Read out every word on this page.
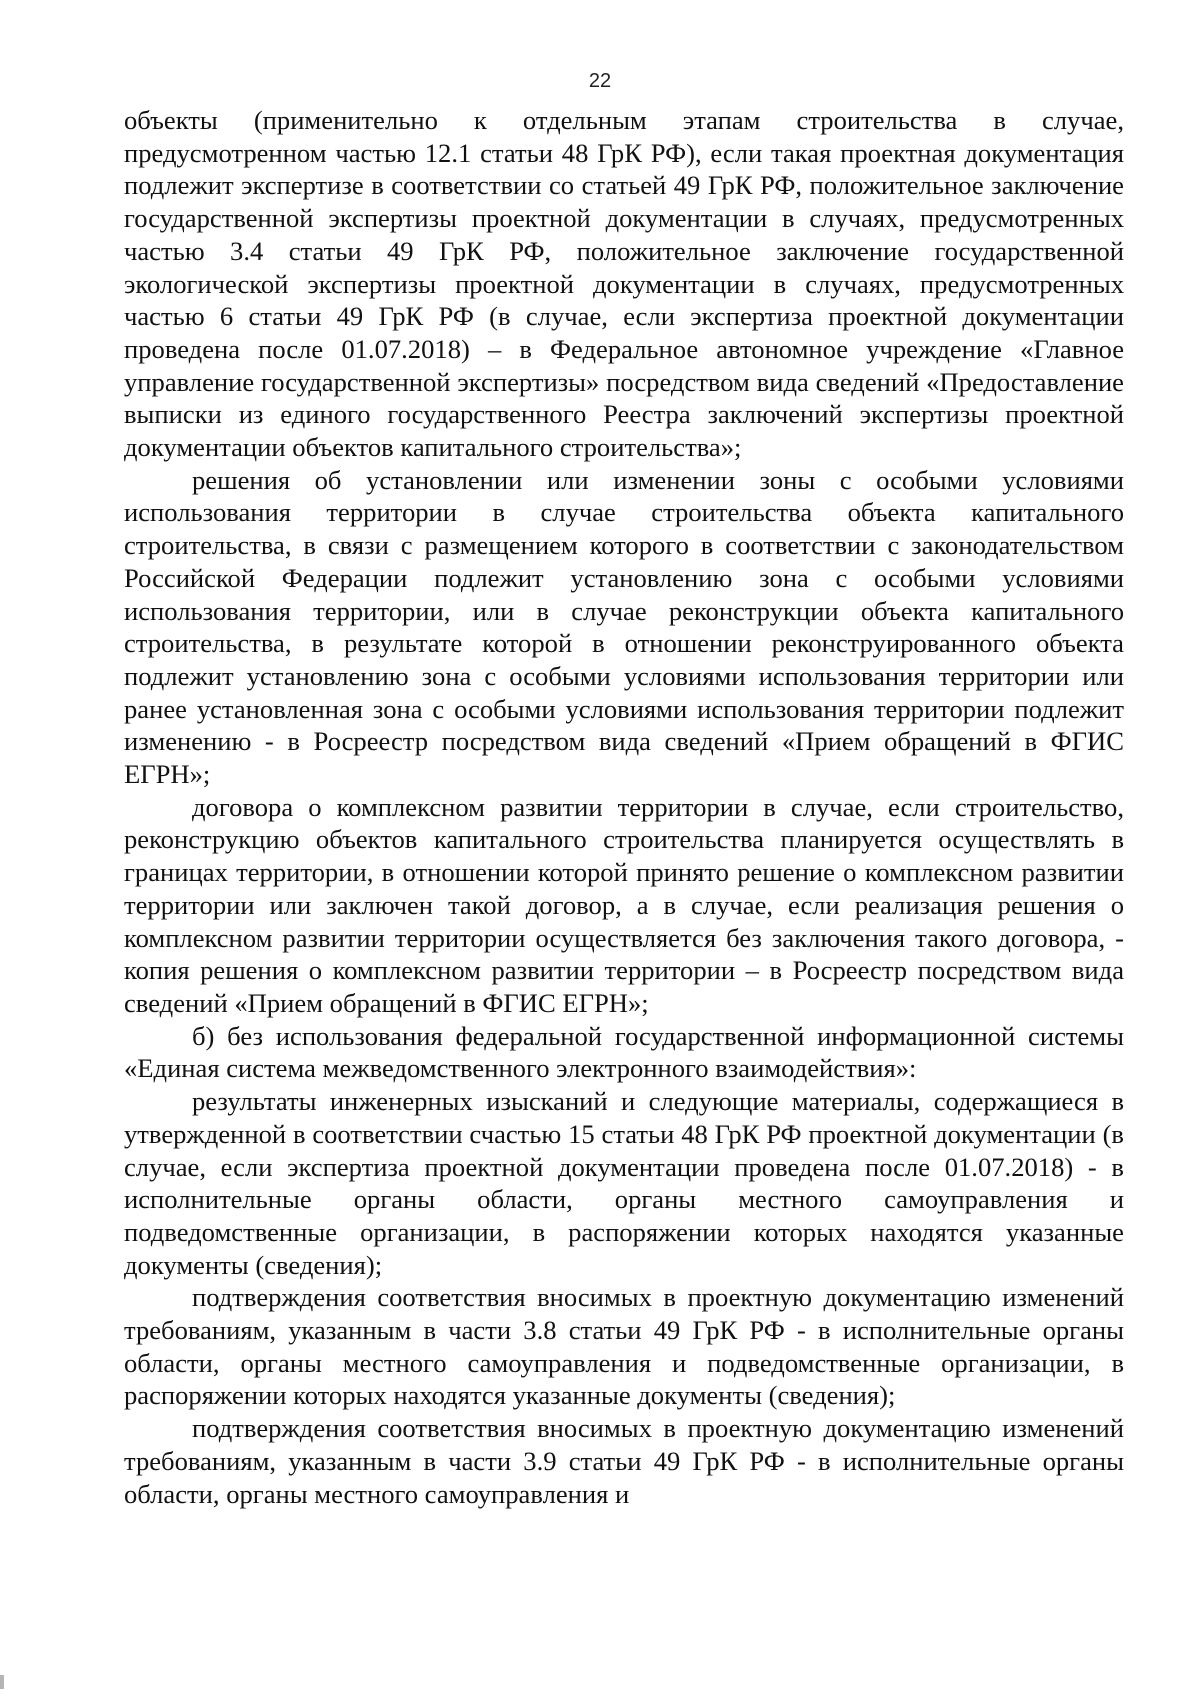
22

объекты (применительно к отдельным этапам строительства в случае, предусмотренном частью 12.1 статьи 48 ГрК РФ), если такая проектная документация подлежит экспертизе в соответствии со статьей 49 ГрК РФ, положительное заключение государственной экспертизы проектной документации в случаях, предусмотренных частью 3.4 статьи 49 ГрК РФ, положительное заключение государственной экологической экспертизы проектной документации в случаях, предусмотренных частью 6 статьи 49 ГрК РФ (в случае, если экспертиза проектной документации проведена после 01.07.2018) – в Федеральное автономное учреждение «Главное управление государственной экспертизы» посредством вида сведений «Предоставление выписки из единого государственного Реестра заключений экспертизы проектной документации объектов капитального строительства»;

решения об установлении или изменении зоны с особыми условиями использования территории в случае строительства объекта капитального строительства, в связи с размещением которого в соответствии с законодательством Российской Федерации подлежит установлению зона с особыми условиями использования территории, или в случае реконструкции объекта капитального строительства, в результате которой в отношении реконструированного объекта подлежит установлению зона с особыми условиями использования территории или ранее установленная зона с особыми условиями использования территории подлежит изменению - в Росреестр посредством вида сведений «Прием обращений в ФГИС ЕГРН»;

договора о комплексном развитии территории в случае, если строительство, реконструкцию объектов капитального строительства планируется осуществлять в границах территории, в отношении которой принято решение о комплексном развитии территории или заключен такой договор, а в случае, если реализация решения о комплексном развитии территории осуществляется без заключения такого договора, - копия решения о комплексном развитии территории – в Росреестр посредством вида сведений «Прием обращений в ФГИС ЕГРН»;

б) без использования федеральной государственной информационной системы «Единая система межведомственного электронного взаимодействия»:

результаты инженерных изысканий и следующие материалы, содержащиеся в утвержденной в соответствии счастью 15 статьи 48 ГрК РФ проектной документации (в случае, если экспертиза проектной документации проведена после 01.07.2018) - в исполнительные органы области, органы местного самоуправления и подведомственные организации, в распоряжении которых находятся указанные документы (сведения);

подтверждения соответствия вносимых в проектную документацию изменений требованиям, указанным в части 3.8 статьи 49 ГрК РФ - в исполнительные органы области, органы местного самоуправления и подведомственные организации, в распоряжении которых находятся указанные документы (сведения);

подтверждения соответствия вносимых в проектную документацию изменений требованиям, указанным в части 3.9 статьи 49 ГрК РФ - в исполнительные органы области, органы местного самоуправления и
